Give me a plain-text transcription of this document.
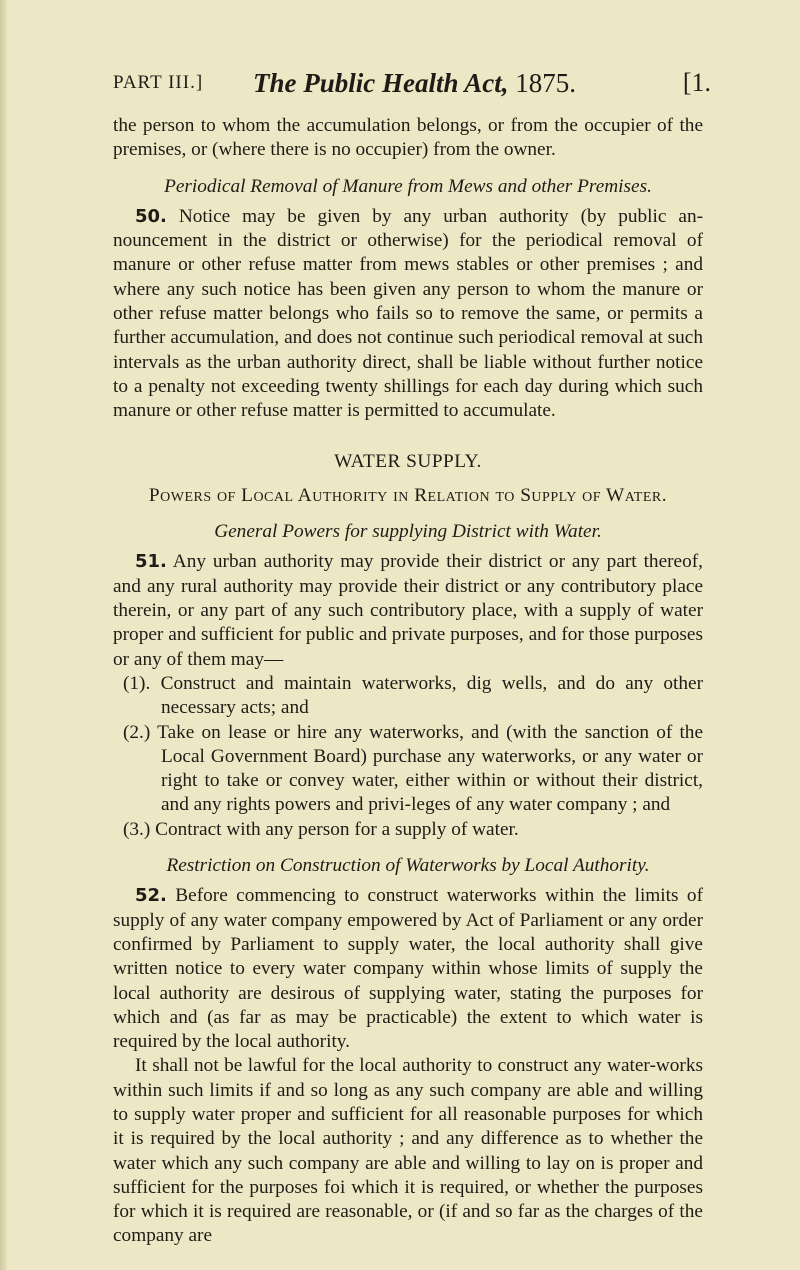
PART III.] The Public Health Act, 1875.	[1.

the person to whom the accumulation belongs, or from the occupier of the premises, or (where there is no occupier) from the owner.

Periodical Removal of Manure from Mews and other Premises.

50. Notice may be given by any urban authority (by public an-nouncement in the district or otherwise) for the periodical removal of manure or other refuse matter from mews stables or other premises ; and where any such notice has been given any person to whom the manure or other refuse matter belongs who fails so to remove the same, or permits a further accumulation, and does not continue such periodical removal at such intervals as the urban authority direct, shall be liable without further notice to a penalty not exceeding twenty shillings for each day during which such manure or other refuse matter is permitted to accumulate.

WATER SUPPLY.

Powers of Local Authority in Relation to Supply of Water.

General Powers for supplying District with Water.

51. Any urban authority may provide their district or any part thereof, and any rural authority may provide their district or any contributory place therein, or any part of any such contributory place, with a supply of water proper and sufficient for public and private purposes, and for those purposes or any of them may—

(1). Construct and maintain waterworks, dig wells, and do any other necessary acts; and

(2.) Take on lease or hire any waterworks, and (with the sanction of the Local Government Board) purchase any waterworks, or any water or right to take or convey water, either within or without their district, and any rights powers and privi-leges of any water company ; and

(3.) Contract with any person for a supply of water.

Restriction on Construction of Waterworks by Local Authority.

52. Before commencing to construct waterworks within the limits of supply of any water company empowered by Act of Parliament or any order confirmed by Parliament to supply water, the local authority shall give written notice to every water company within whose limits of supply the local authority are desirous of supplying water, stating the purposes for which and (as far as may be practicable) the extent to which water is required by the local authority.

It shall not be lawful for the local authority to construct any water-works within such limits if and so long as any such company are able and willing to supply water proper and sufficient for all reasonable purposes for which it is required by the local authority ; and any difference as to whether the water which any such company are able and willing to lay on is proper and sufficient for the purposes foi which it is required, or whether the purposes for which it is required are reasonable, or (if and so far as the charges of the company are
